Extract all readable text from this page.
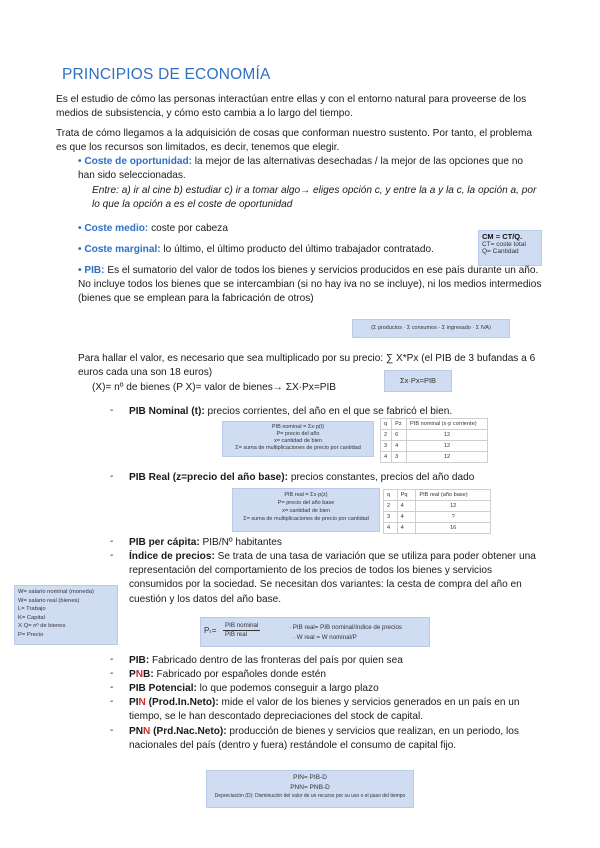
PRINCIPIOS DE ECONOMÍA
Es el estudio de cómo las personas interactúan entre ellas y con el entorno natural para proveerse de los medios de subsistencia, y cómo esto cambia a lo largo del tiempo.
Trata de cómo llegamos a la adquisición de cosas que conforman nuestro sustento. Por tanto, el problema es que los recursos son limitados, es decir, tenemos que elegir.
• Coste de oportunidad: la mejor de las alternativas desechadas / la mejor de las opciones que no han sido seleccionadas.
Entre: a) ir al cine b) estudiar c) ir a tomar algo→ eliges opción c, y entre la a y la c, la opción a, por lo que la opción a es el coste de oportunidad
• Coste medio: coste por cabeza
• Coste marginal: lo último, el último producto del último trabajador contratado.
CM = CT/Q.
CT= coste total
Q= Cantidad
• PIB: Es el sumatorio del valor de todos los bienes y servicios producidos en ese país durante un año. No incluye todos los bienes que se intercambian (si no hay iva no se incluye), ni los medios intermedios (bienes que se emplean para la fabricación de otros)
(Σ productos · Σ consumos · Σ ingresado · Σ IVA)
Para hallar el valor, es necesario que sea multiplicado por su precio: ∑ X*Px (el PIB de 3 bufandas a 6 euros cada una son 18 euros)
(X)= nº de bienes (P X)= valor de bienes→ ΣX·Px=PIB
Σx·Px=PIB
- PIB Nominal (t): precios corrientes, del año en el que se fabricó el bien.
PIB nominal = Σx·p(t)
P= precio del año
x= cantidad de bien
Σ= suma de multiplicaciones de precio por cantidad
q	Pz	PIB nominal (x·p corriente)
2	6	12
3	4	12
4	3	12
- PIB Real (z=precio del año base): precios constantes, precios del año dado
PIB real = Σx·p(z)
P= precio del año base
x= cantidad de bien
Σ= suma de multiplicaciones de precio por cantidad
q	Pq	PIB real (año base)
2	4	12
3	4	?
4	4	16
- PIB per cápita: PIB/Nº habitantes
- Índice de precios: Se trata de una tasa de variación que se utiliza para poder obtener una representación del comportamiento de los precios de todos los bienes y servicios consumidos por la sociedad. Se necesitan dos variantes: la cesta de compra del año en cuestión y los datos del año base.
W= salario nominal (moneda)
W= salario real (bienes)
L= Trabajo
K= Capital
X·Q= nº de bienes
P= Precio	Pₜ=
PIB nominal
PIB real
· PIB real= PIB nominal/índice de precios
· W real = W nominal/P
- PIB: Fabricado dentro de las fronteras del país por quien sea
- PNB: Fabricado por españoles donde estén
- PIB Potencial: lo que podemos conseguir a largo plazo
- PIN (Prod.In.Neto): mide el valor de los bienes y servicios generados en un país en un tiempo, se le han descontado depreciaciones del stock de capital.
- PNN (Prd.Nac.Neto): producción de bienes y servicios que realizan, en un periodo, los nacionales del país (dentro y fuera) restándole el consumo de capital fijo.
PIN= PIB-D
PNN= PNB-D
Depreciación (D): Disminución del valor de un recurso por su uso o el paso del tiempo
